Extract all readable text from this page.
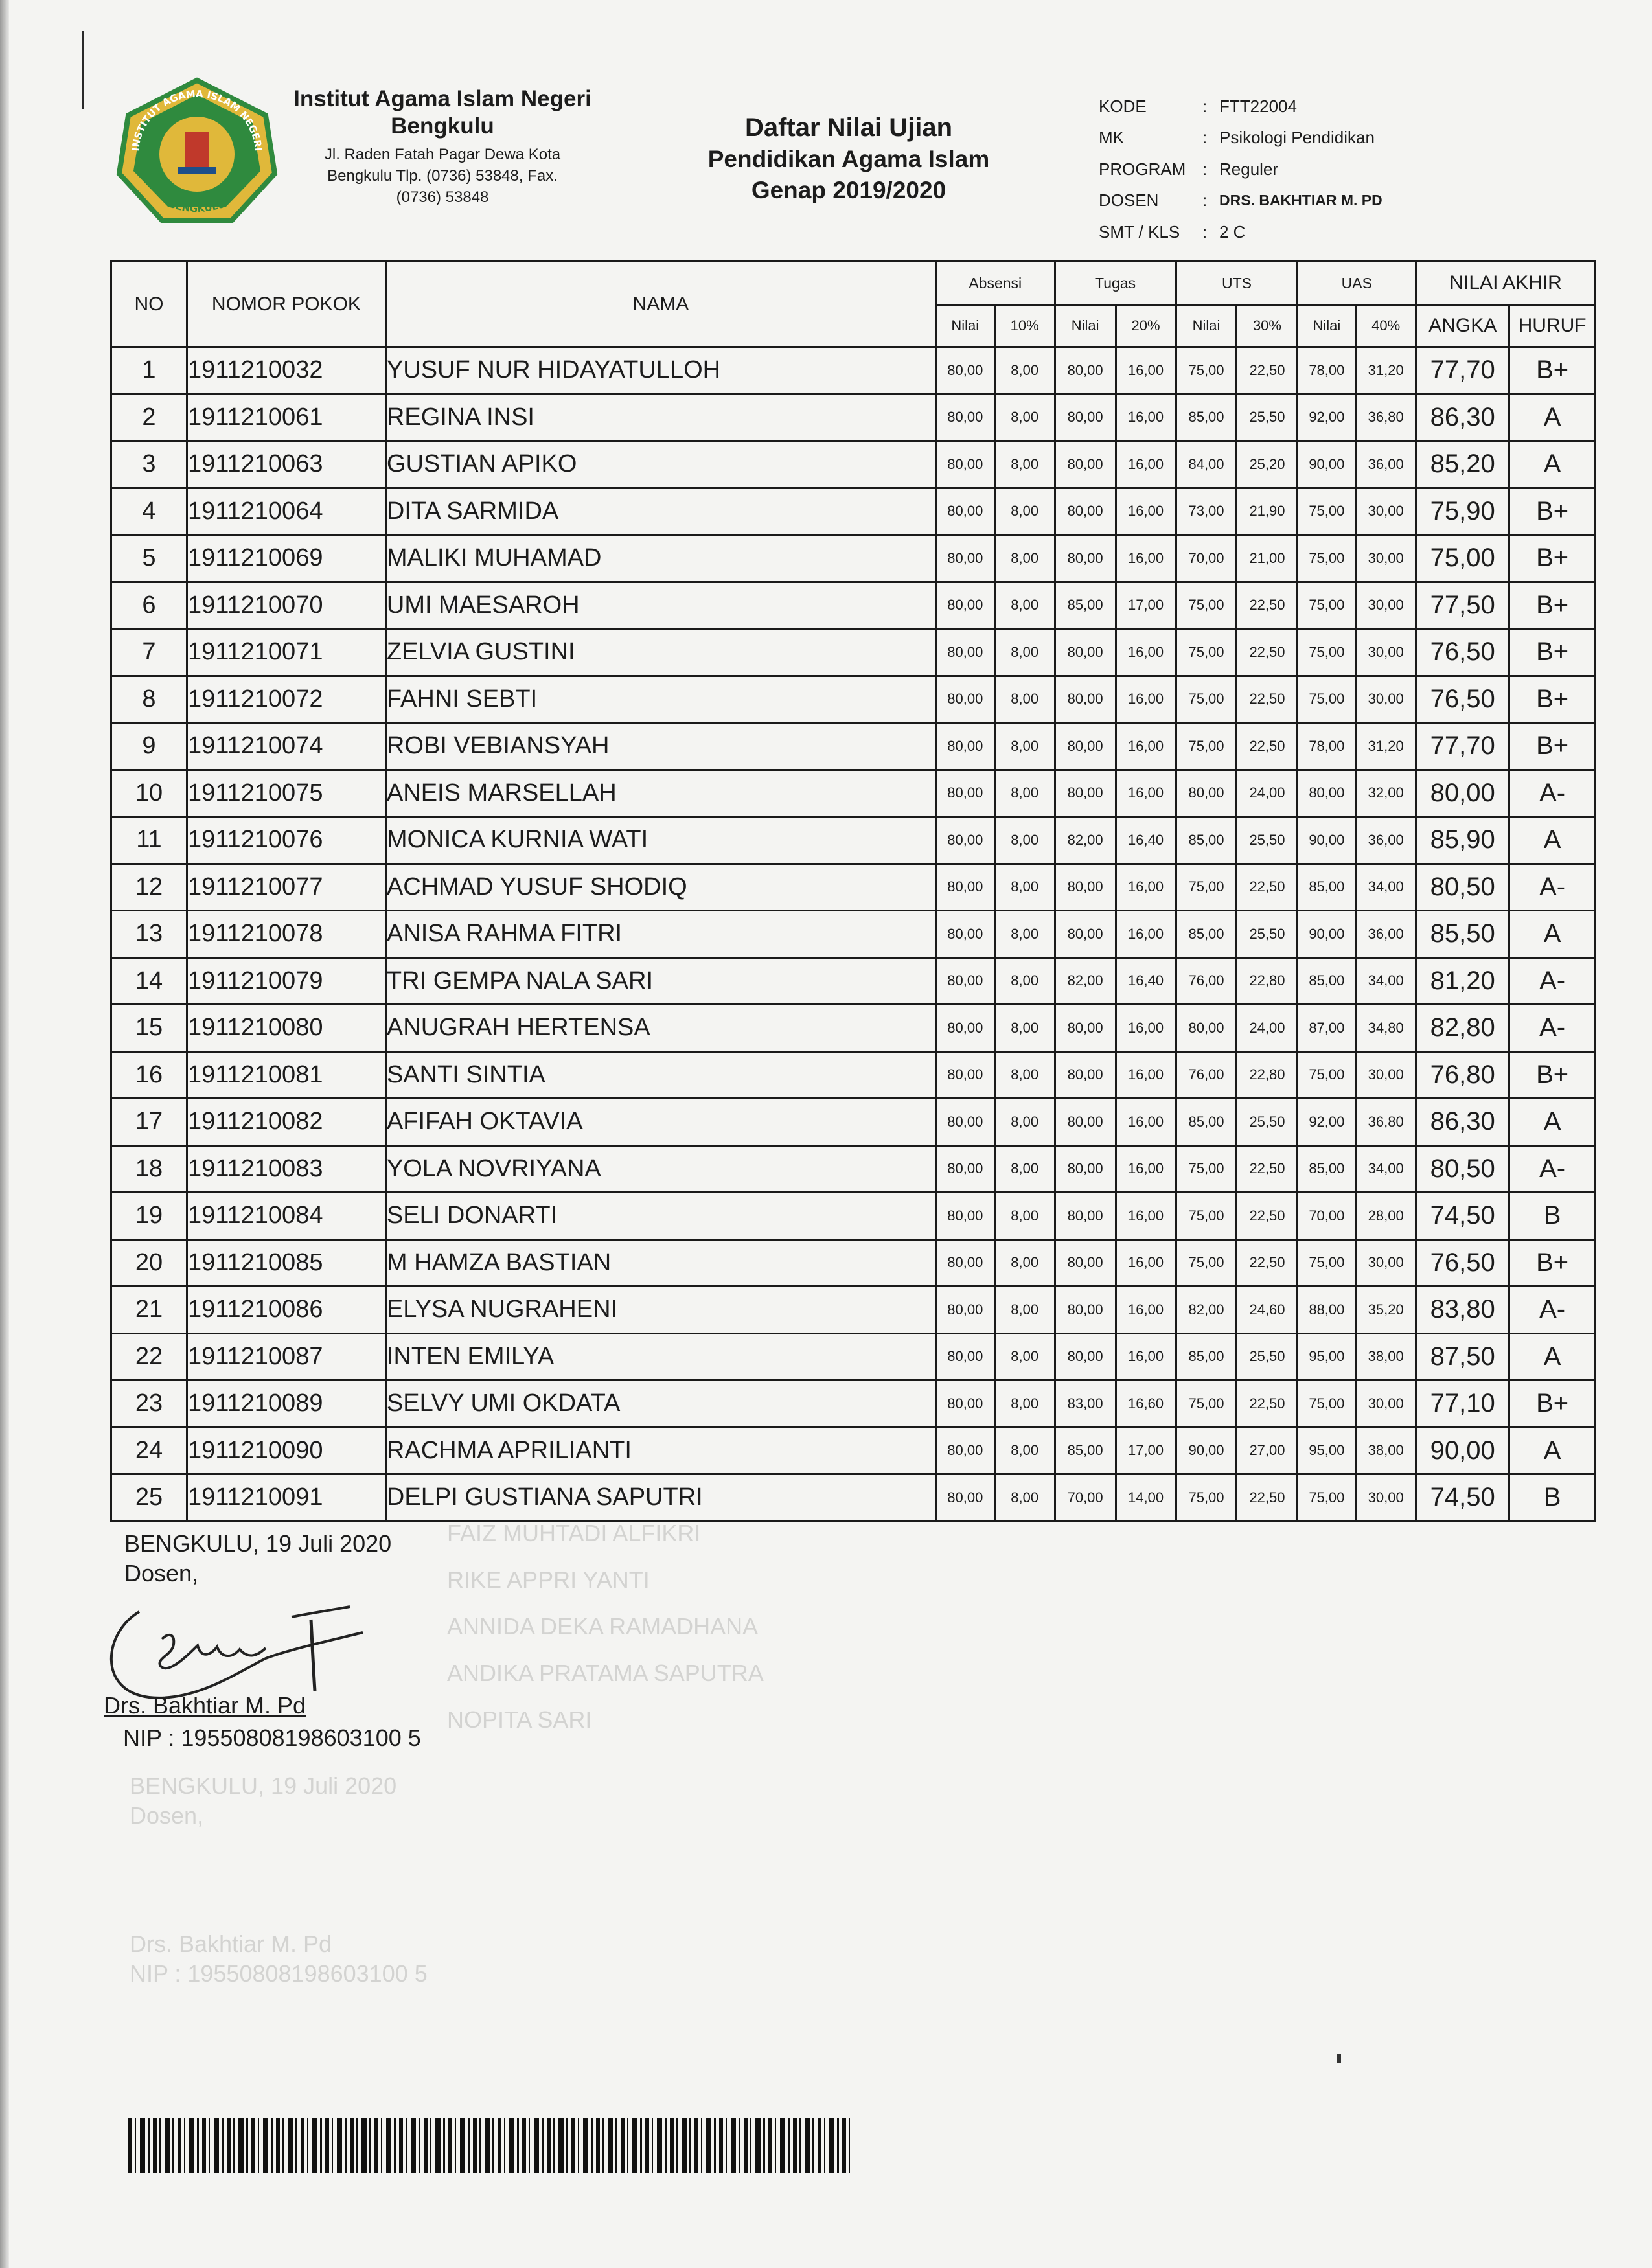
INSTITUT AGAMA ISLAM NEGERI
BENGKULU
Institut Agama Islam Negeri
Bengkulu
Jl. Raden Fatah Pagar Dewa Kota
Bengkulu Tlp. (0736) 53848, Fax.
(0736) 53848
Daftar Nilai Ujian
Pendidikan Agama Islam
Genap 2019/2020
KODE	: FTT22004
MK	: Psikologi Pendidikan
PROGRAM : Reguler
DOSEN	: DRS. BAKHTIAR M. PD
SMT / KLS	: 2 C
NO	NOMOR POKOK	NAMA	Absensi		Tugas		UTS		UAS		NILAI AKHIR	
			Nilai	10%	Nilai	20%	Nilai	30%	Nilai	40%	ANGKA	HURUF
1	1911210032	YUSUF NUR HIDAYATULLOH	80,00	8,00	80,00	16,00	75,00	22,50	78,00	31,20	77,70	B+
2	1911210061	REGINA INSI	80,00	8,00	80,00	16,00	85,00	25,50	92,00	36,80	86,30	A
3	1911210063	GUSTIAN APIKO	80,00	8,00	80,00	16,00	84,00	25,20	90,00	36,00	85,20	A
4	1911210064	DITA SARMIDA	80,00	8,00	80,00	16,00	73,00	21,90	75,00	30,00	75,90	B+
5	1911210069	MALIKI MUHAMAD	80,00	8,00	80,00	16,00	70,00	21,00	75,00	30,00	75,00	B+
6	1911210070	UMI MAESAROH	80,00	8,00	85,00	17,00	75,00	22,50	75,00	30,00	77,50	B+
7	1911210071	ZELVIA GUSTINI	80,00	8,00	80,00	16,00	75,00	22,50	75,00	30,00	76,50	B+
8	1911210072	FAHNI SEBTI	80,00	8,00	80,00	16,00	75,00	22,50	75,00	30,00	76,50	B+
9	1911210074	ROBI VEBIANSYAH	80,00	8,00	80,00	16,00	75,00	22,50	78,00	31,20	77,70	B+
10	1911210075	ANEIS MARSELLAH	80,00	8,00	80,00	16,00	80,00	24,00	80,00	32,00	80,00	A-
11	1911210076	MONICA KURNIA WATI	80,00	8,00	82,00	16,40	85,00	25,50	90,00	36,00	85,90	A
12	1911210077	ACHMAD YUSUF SHODIQ	80,00	8,00	80,00	16,00	75,00	22,50	85,00	34,00	80,50	A-
13	1911210078	ANISA RAHMA FITRI	80,00	8,00	80,00	16,00	85,00	25,50	90,00	36,00	85,50	A
14	1911210079	TRI GEMPA NALA SARI	80,00	8,00	82,00	16,40	76,00	22,80	85,00	34,00	81,20	A-
15	1911210080	ANUGRAH HERTENSA	80,00	8,00	80,00	16,00	80,00	24,00	87,00	34,80	82,80	A-
16	1911210081	SANTI SINTIA	80,00	8,00	80,00	16,00	76,00	22,80	75,00	30,00	76,80	B+
17	1911210082	AFIFAH OKTAVIA	80,00	8,00	80,00	16,00	85,00	25,50	92,00	36,80	86,30	A
18	1911210083	YOLA NOVRIYANA	80,00	8,00	80,00	16,00	75,00	22,50	85,00	34,00	80,50	A-
19	1911210084	SELI DONARTI	80,00	8,00	80,00	16,00	75,00	22,50	70,00	28,00	74,50	B
20	1911210085	M HAMZA BASTIAN	80,00	8,00	80,00	16,00	75,00	22,50	75,00	30,00	76,50	B+
21	1911210086	ELYSA NUGRAHENI	80,00	8,00	80,00	16,00	82,00	24,60	88,00	35,20	83,80	A-
22	1911210087	INTEN EMILYA	80,00	8,00	80,00	16,00	85,00	25,50	95,00	38,00	87,50	A
23	1911210089	SELVY UMI OKDATA	80,00	8,00	83,00	16,60	75,00	22,50	75,00	30,00	77,10	B+
24	1911210090	RACHMA APRILIANTI	80,00	8,00	85,00	17,00	90,00	27,00	95,00	38,00	90,00	A
25	1911210091	DELPI GUSTIANA SAPUTRI	80,00	8,00	70,00	14,00	75,00	22,50	75,00	30,00	74,50	B
FAIZ MUHTADI ALFIKRI
RIKE APPRI YANTI
ANNIDA DEKA RAMADHANA
ANDIKA PRATAMA SAPUTRA
NOPITA SARI
BENGKULU, 19 Juli 2020
Dosen,
Drs. Bakhtiar M. Pd
NIP : 19550808198603100 5
BENGKULU, 19 Juli 2020
Dosen,
Drs. Bakhtiar M. Pd
NIP : 19550808198603100 5
